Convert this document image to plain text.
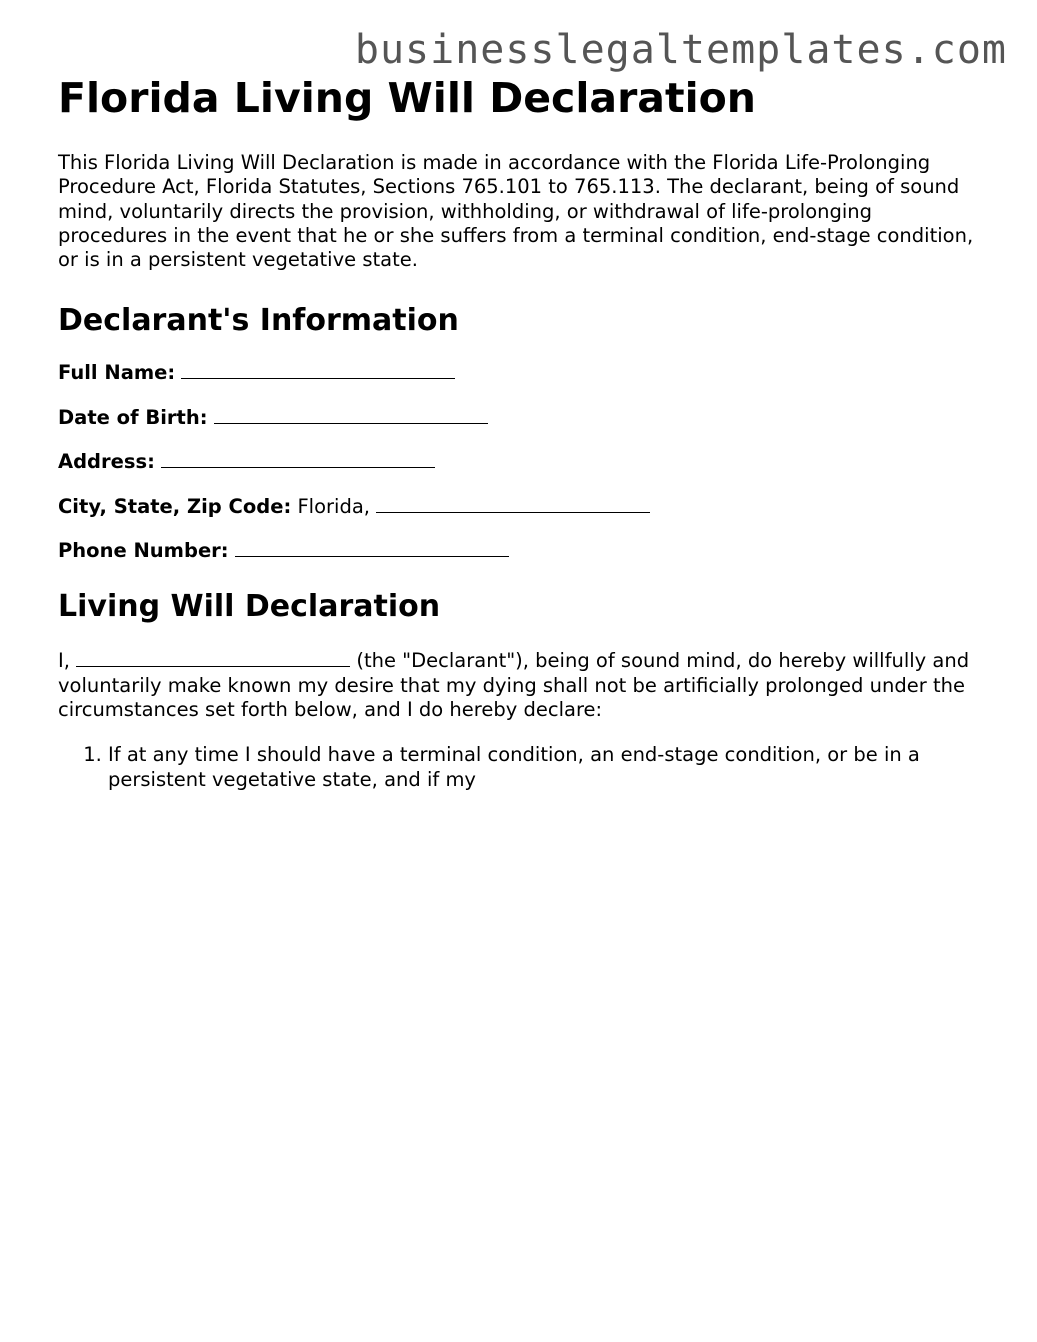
businesslegaltemplates.com
Florida Living Will Declaration

This Florida Living Will Declaration is made in accordance with the Florida Life-Prolonging Procedure Act, Florida Statutes, Sections 765.101 to 765.113. The declarant, being of sound mind, voluntarily directs the provision, withholding, or withdrawal of life-prolonging procedures in the event that he or she suffers from a terminal condition, end-stage condition, or is in a persistent vegetative state.

Declarant's Information

Full Name:

Date of Birth:

Address:

City, State, Zip Code: Florida,

Phone Number:

Living Will Declaration

I,	(the "Declarant"), being of sound mind, do hereby willfully and voluntarily make known my desire that my dying shall not be artificially prolonged under the circumstances set forth below, and I do hereby declare:

1. If at any time I should have a terminal condition, an end-stage condition, or be in a persistent vegetative state, and if my
